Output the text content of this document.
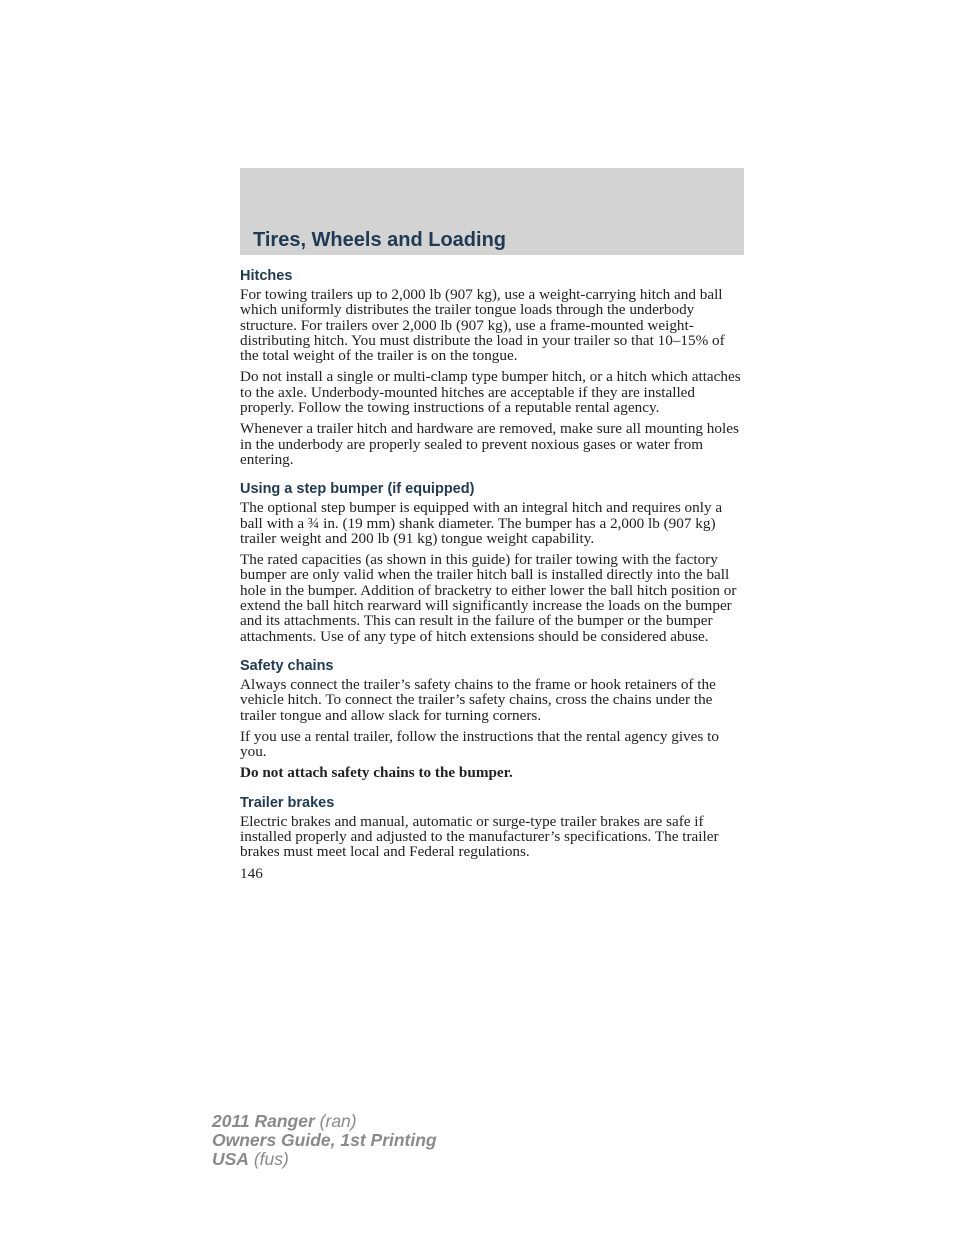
Tires, Wheels and Loading
Hitches

For towing trailers up to 2,000 lb (907 kg), use a weight-carrying hitch and ball which uniformly distributes the trailer tongue loads through the underbody structure. For trailers over 2,000 lb (907 kg), use a frame-mounted weight-distributing hitch. You must distribute the load in your trailer so that 10–15% of the total weight of the trailer is on the tongue.

Do not install a single or multi-clamp type bumper hitch, or a hitch which attaches to the axle. Underbody-mounted hitches are acceptable if they are installed properly. Follow the towing instructions of a reputable rental agency.

Whenever a trailer hitch and hardware are removed, make sure all mounting holes in the underbody are properly sealed to prevent noxious gases or water from entering.

Using a step bumper (if equipped)

The optional step bumper is equipped with an integral hitch and requires only a ball with a ¾ in. (19 mm) shank diameter. The bumper has a 2,000 lb (907 kg) trailer weight and 200 lb (91 kg) tongue weight capability.

The rated capacities (as shown in this guide) for trailer towing with the factory bumper are only valid when the trailer hitch ball is installed directly into the ball hole in the bumper. Addition of bracketry to either lower the ball hitch position or extend the ball hitch rearward will significantly increase the loads on the bumper and its attachments. This can result in the failure of the bumper or the bumper attachments. Use of any type of hitch extensions should be considered abuse.

Safety chains

Always connect the trailer’s safety chains to the frame or hook retainers of the vehicle hitch. To connect the trailer’s safety chains, cross the chains under the trailer tongue and allow slack for turning corners.

If you use a rental trailer, follow the instructions that the rental agency gives to you.

Do not attach safety chains to the bumper.

Trailer brakes

Electric brakes and manual, automatic or surge-type trailer brakes are safe if installed properly and adjusted to the manufacturer’s specifications. The trailer brakes must meet local and Federal regulations.

146
2011 Ranger (ran)
Owners Guide, 1st Printing
USA (fus)
